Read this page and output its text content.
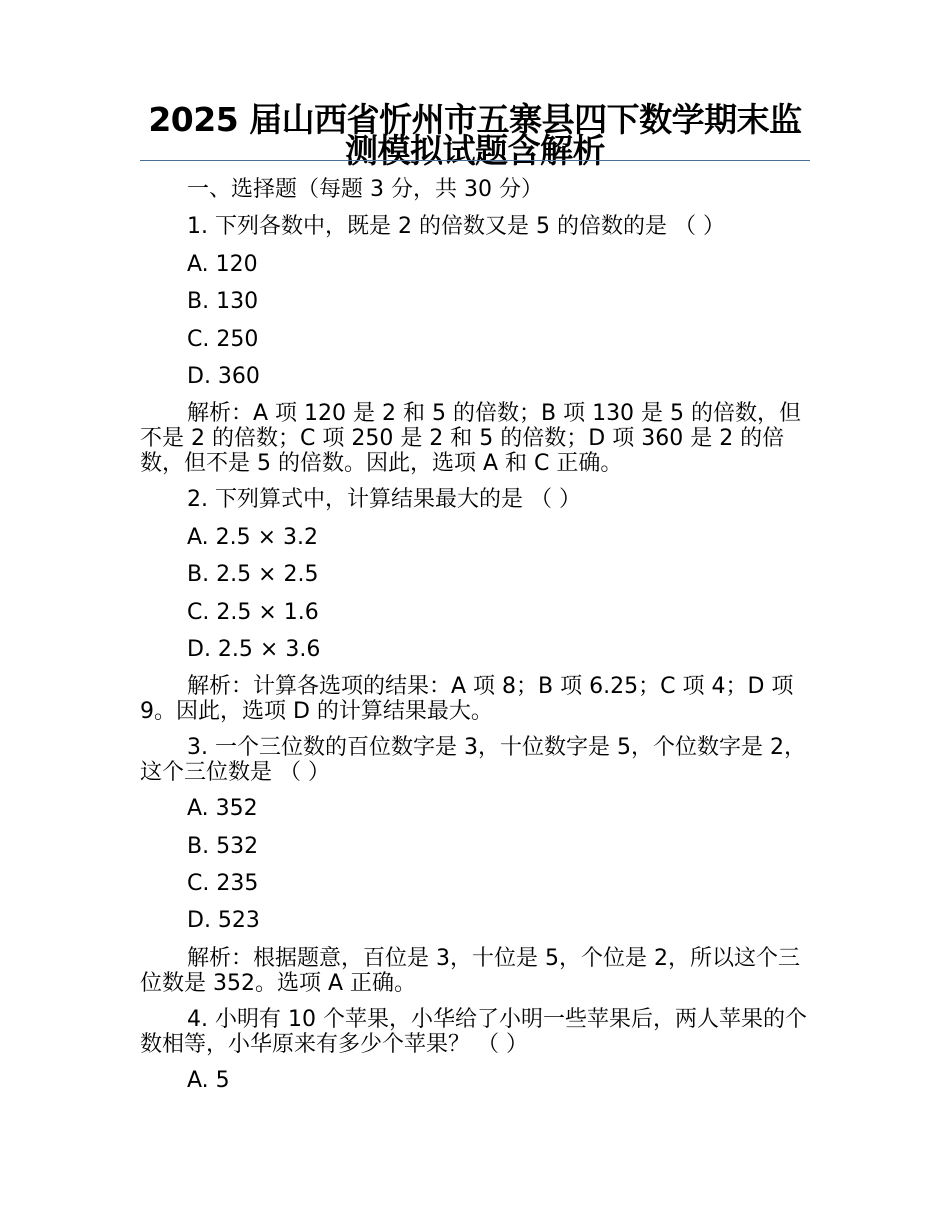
2025 届山西省忻州市五寨县四下数学期末监测模拟试题含解析

一、选择题（每题 3 分，共 30 分）

1. 下列各数中，既是 2 的倍数又是 5 的倍数的是 （ ）

A. 120

B. 130

C. 250

D. 360

解析：A 项 120 是 2 和 5 的倍数；B 项 130 是 5 的倍数，但不是 2 的倍数；C 项 250 是 2 和 5 的倍数；D 项 360 是 2 的倍数，但不是 5 的倍数。因此，选项 A 和 C 正确。

2. 下列算式中，计算结果最大的是 （ ）

A. 2.5 × 3.2

B. 2.5 × 2.5

C. 2.5 × 1.6

D. 2.5 × 3.6

解析：计算各选项的结果：A 项 8；B 项 6.25；C 项 4；D 项 9。因此，选项 D 的计算结果最大。

3. 一个三位数的百位数字是 3，十位数字是 5，个位数字是 2，这个三位数是 （ ）

A. 352

B. 532

C. 235

D. 523

解析：根据题意，百位是 3，十位是 5，个位是 2，所以这个三位数是 352。选项 A 正确。

4. 小明有 10 个苹果，小华给了小明一些苹果后，两人苹果的个数相等，小华原来有多少个苹果？ （ ）

A. 5
